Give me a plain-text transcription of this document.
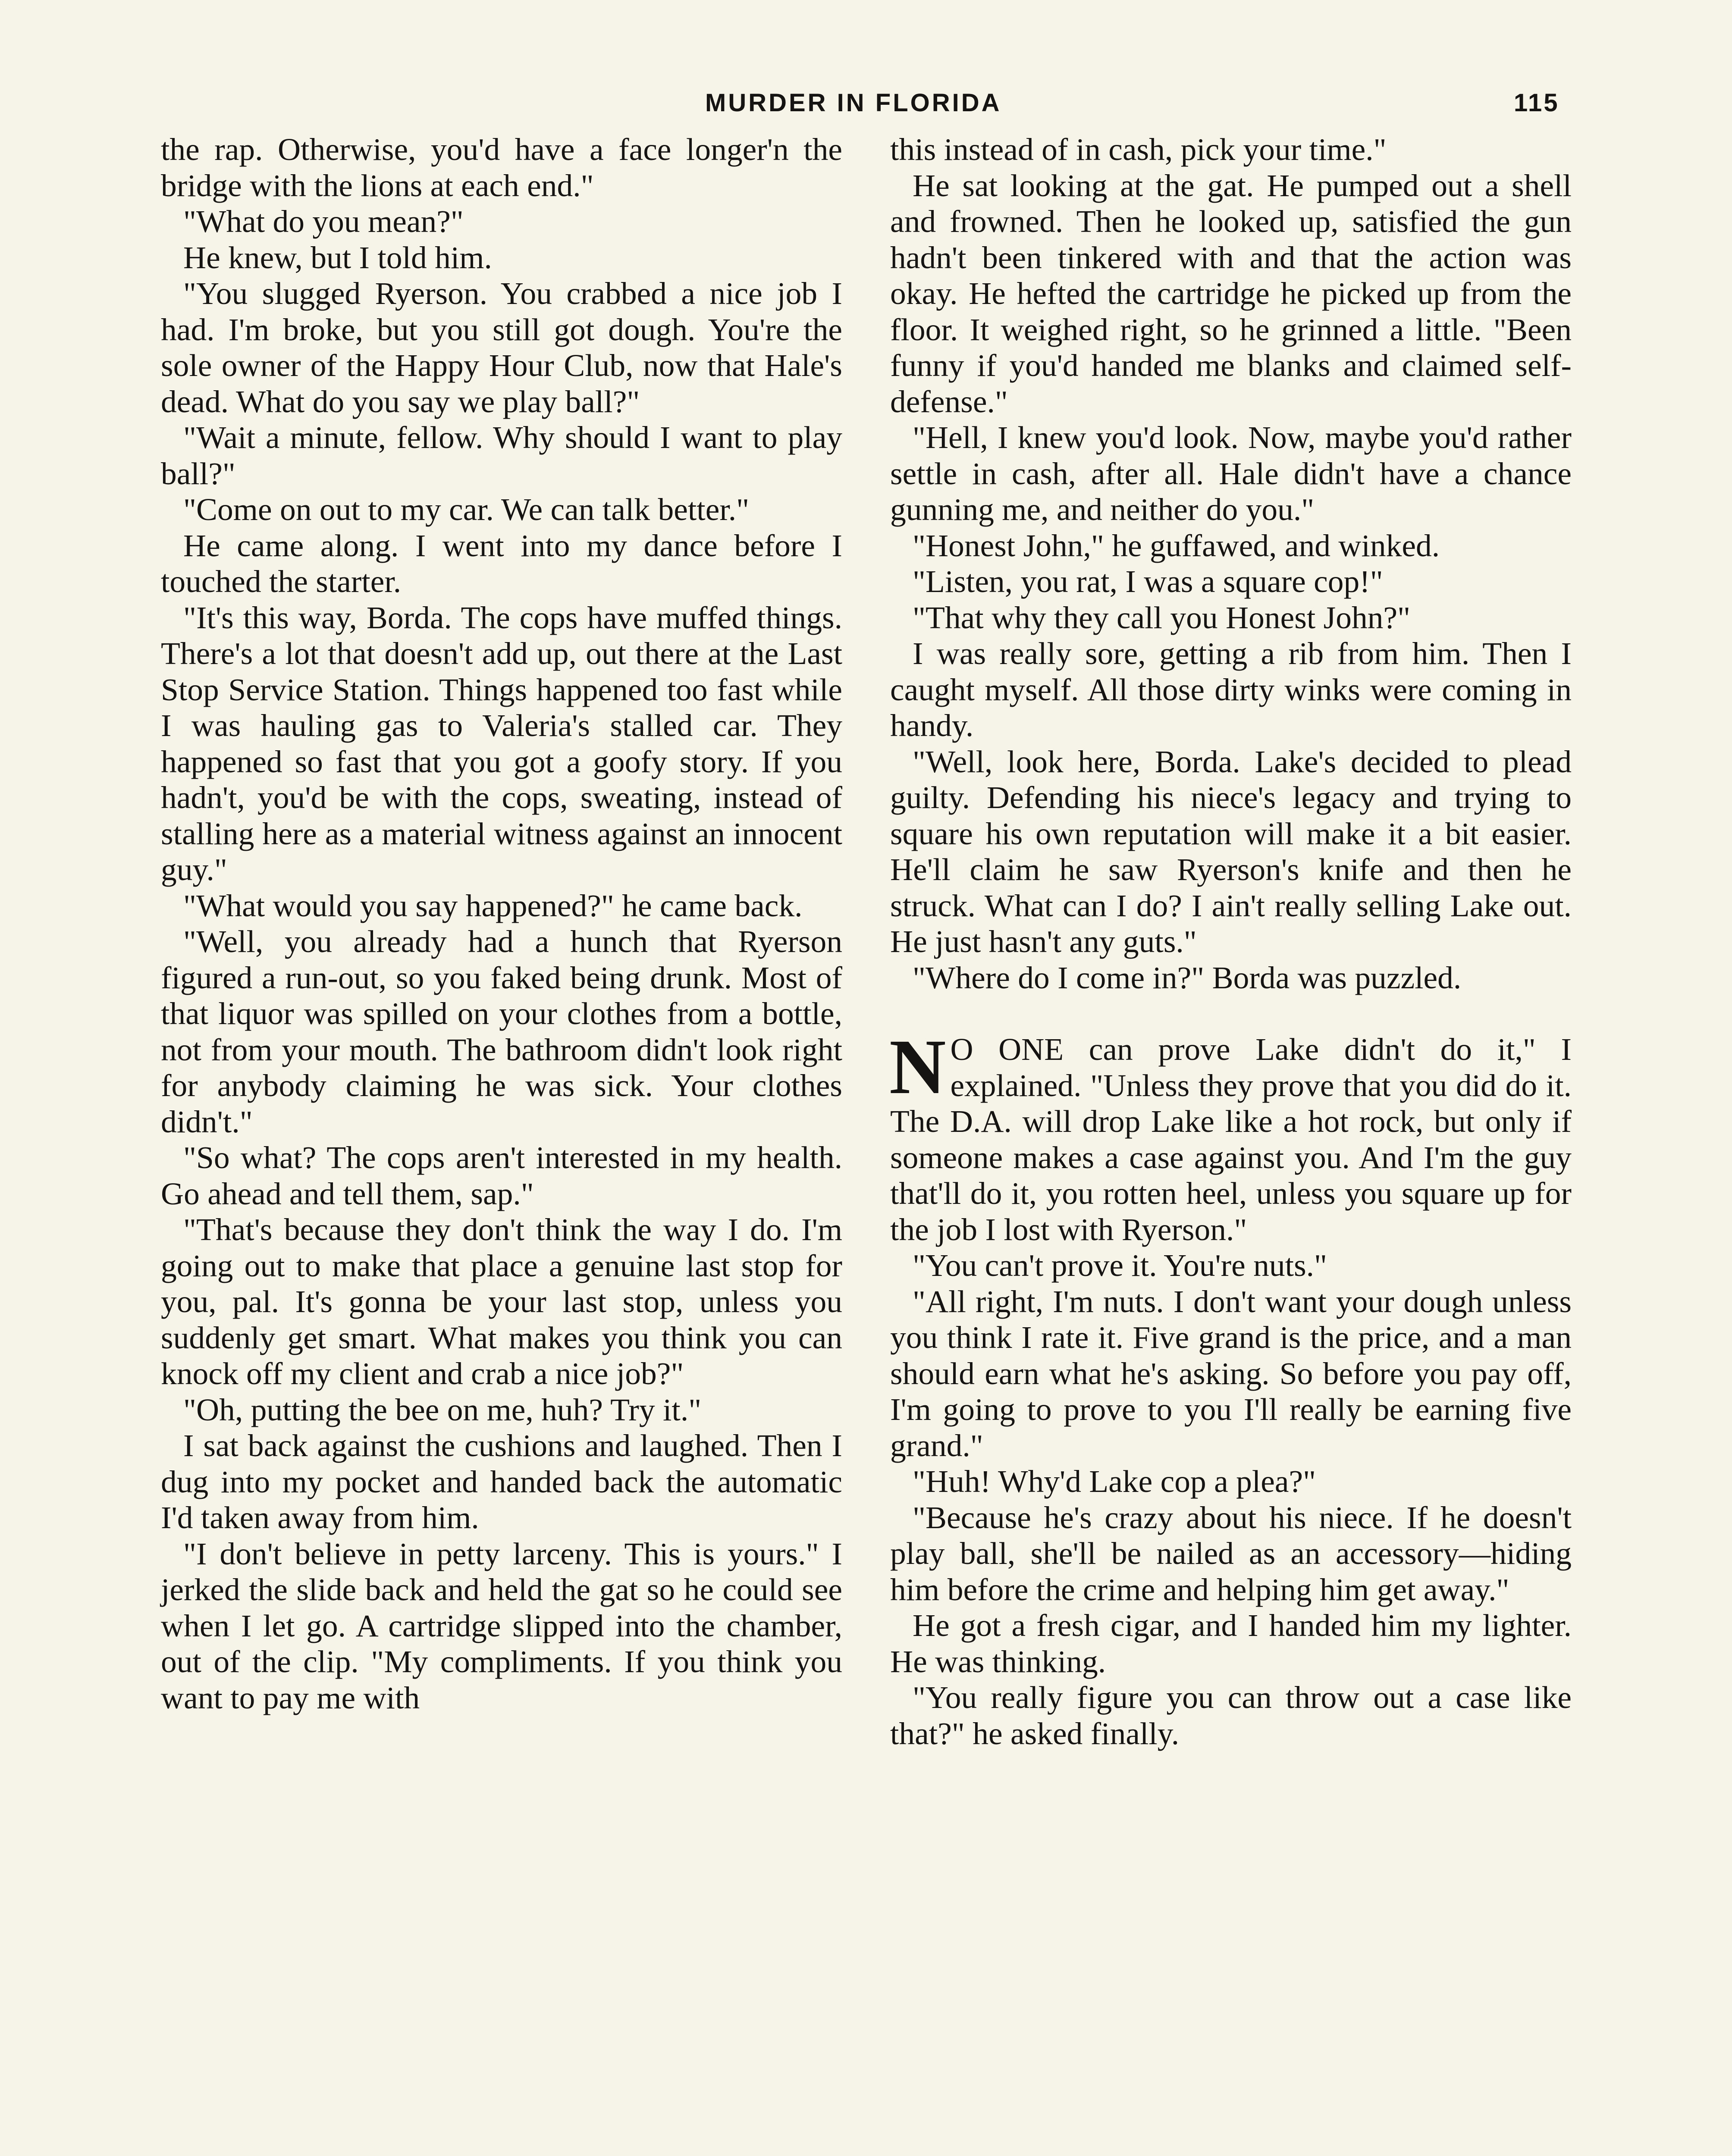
MURDER IN FLORIDA	115

the rap. Otherwise, you'd have a face longer'n the bridge with the lions at each end."

"What do you mean?"

He knew, but I told him.

"You slugged Ryerson. You crabbed a nice job I had. I'm broke, but you still got dough. You're the sole owner of the Happy Hour Club, now that Hale's dead. What do you say we play ball?"

"Wait a minute, fellow. Why should I want to play ball?"

"Come on out to my car. We can talk better."

He came along. I went into my dance before I touched the starter.

"It's this way, Borda. The cops have muffed things. There's a lot that doesn't add up, out there at the Last Stop Service Station. Things happened too fast while I was hauling gas to Valeria's stalled car. They happened so fast that you got a goofy story. If you hadn't, you'd be with the cops, sweating, instead of stalling here as a material witness against an innocent guy."

"What would you say happened?" he came back.

"Well, you already had a hunch that Ryerson figured a run-out, so you faked being drunk. Most of that liquor was spilled on your clothes from a bottle, not from your mouth. The bathroom didn't look right for anybody claiming he was sick. Your clothes didn't."

"So what? The cops aren't interested in my health. Go ahead and tell them, sap."

"That's because they don't think the way I do. I'm going out to make that place a genuine last stop for you, pal. It's gonna be your last stop, unless you suddenly get smart. What makes you think you can knock off my client and crab a nice job?"

"Oh, putting the bee on me, huh? Try it."

I sat back against the cushions and laughed. Then I dug into my pocket and handed back the automatic I'd taken away from him.

"I don't believe in petty larceny. This is yours." I jerked the slide back and held the gat so he could see when I let go. A cartridge slipped into the chamber, out of the clip. "My compliments. If you think you want to pay me with

this instead of in cash, pick your time."

He sat looking at the gat. He pumped out a shell and frowned. Then he looked up, satisfied the gun hadn't been tinkered with and that the action was okay. He hefted the cartridge he picked up from the floor. It weighed right, so he grinned a little. "Been funny if you'd handed me blanks and claimed self-defense."

"Hell, I knew you'd look. Now, maybe you'd rather settle in cash, after all. Hale didn't have a chance gunning me, and neither do you."

"Honest John," he guffawed, and winked.

"Listen, you rat, I was a square cop!"

"That why they call you Honest John?"

I was really sore, getting a rib from him. Then I caught myself. All those dirty winks were coming in handy.

"Well, look here, Borda. Lake's decided to plead guilty. Defending his niece's legacy and trying to square his own reputation will make it a bit easier. He'll claim he saw Ryerson's knife and then he struck. What can I do? I ain't really selling Lake out. He just hasn't any guts."

"Where do I come in?" Borda was puzzled.

N O ONE can prove Lake didn't do it," I explained. "Unless they prove that you did do it. The D.A. will drop Lake like a hot rock, but only if someone makes a case against you. And I'm the guy that'll do it, you rotten heel, unless you square up for the job I lost with Ryerson."

"You can't prove it. You're nuts."

"All right, I'm nuts. I don't want your dough unless you think I rate it. Five grand is the price, and a man should earn what he's asking. So before you pay off, I'm going to prove to you I'll really be earning five grand."

"Huh! Why'd Lake cop a plea?"

"Because he's crazy about his niece. If he doesn't play ball, she'll be nailed as an accessory—hiding him before the crime and helping him get away."

He got a fresh cigar, and I handed him my lighter. He was thinking.

"You really figure you can throw out a case like that?" he asked finally.
